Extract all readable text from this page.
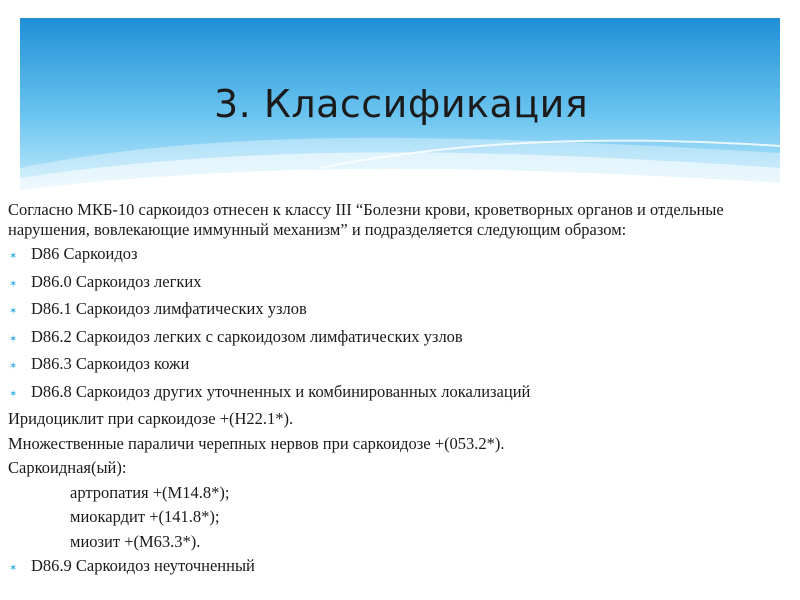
3. Классификация

Согласно МКБ-10 саркоидоз отнесен к классу III “Болезни крови, кроветворных органов и отдельные нарушения, вовлекающие иммунный механизм” и подразделяется следующим образом:

✶ D86 Саркоидоз
✶ D86.0 Саркоидоз легких
✶ D86.1 Саркоидоз лимфатических узлов
✶ D86.2 Саркоидоз легких с саркоидозом лимфатических узлов
✶ D86.3 Саркоидоз кожи
✶ D86.8 Саркоидоз других уточненных и комбинированных локализаций
Иридоциклит при саркоидозе +(Н22.1*).
Множественные параличи черепных нервов при саркоидозе +(053.2*).
Саркоидная(ый):
артропатия +(М14.8*);
миокардит +(141.8*);
миозит +(М63.3*).
✶ D86.9 Саркоидоз неуточненный
